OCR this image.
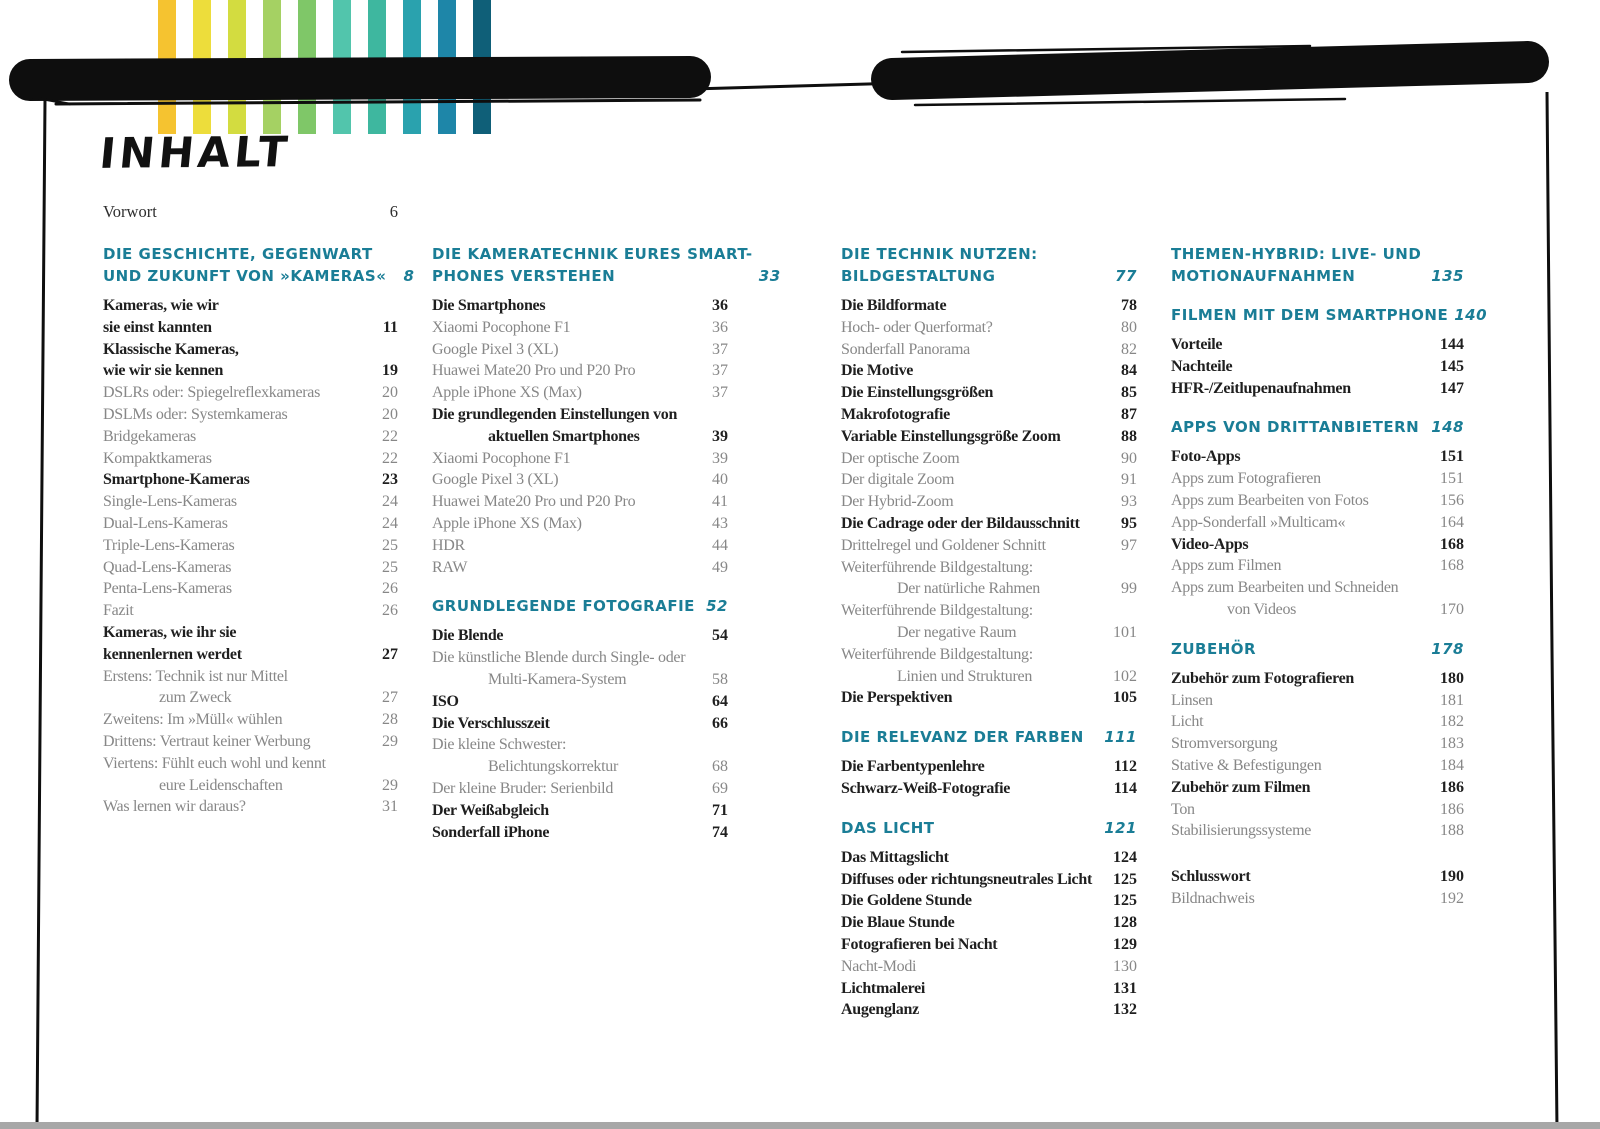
INHALT
Vorwort	6
DIE GESCHICHTE, GEGENWART
UND ZUKUNFT VON »KAMERAS«	8
Kameras, wie wir
sie einst kannten	11
Klassische Kameras,
wie wir sie kennen	19
DSLRs oder: Spiegelreflexkameras	20
DSLMs oder: Systemkameras	20
Bridgekameras	22
Kompaktkameras	22
Smartphone-Kameras	23
Single-Lens-Kameras	24
Dual-Lens-Kameras	24
Triple-Lens-Kameras	25
Quad-Lens-Kameras	25
Penta-Lens-Kameras	26
Fazit	26
Kameras, wie ihr sie
kennenlernen werdet	27
Erstens: Technik ist nur Mittel
zum Zweck	27
Zweitens: Im »Müll« wühlen	28
Drittens: Vertraut keiner Werbung	29
Viertens: Fühlt euch wohl und kennt
eure Leidenschaften	29
Was lernen wir daraus?	31
DIE KAMERATECHNIK EURES SMART-
PHONES VERSTEHEN	33
Die Smartphones	36
Xiaomi Pocophone F1	36
Google Pixel 3 (XL)	37
Huawei Mate20 Pro und P20 Pro	37
Apple iPhone XS (Max)	37
Die grundlegenden Einstellungen von
aktuellen Smartphones	39
Xiaomi Pocophone F1	39
Google Pixel 3 (XL)	40
Huawei Mate20 Pro und P20 Pro	41
Apple iPhone XS (Max)	43
HDR	44
RAW	49
GRUNDLEGENDE FOTOGRAFIE 52
Die Blende	54
Die künstliche Blende durch Single- oder
Multi-Kamera-System	58
ISO	64
Die Verschlusszeit	66
Die kleine Schwester:
Belichtungskorrektur	68
Der kleine Bruder: Serienbild	69
Der Weißabgleich	71
Sonderfall iPhone	74
DIE TECHNIK NUTZEN:
BILDGESTALTUNG	77
Die Bildformate	78
Hoch- oder Querformat?	80
Sonderfall Panorama	82
Die Motive	84
Die Einstellungsgrößen	85
Makrofotografie	87
Variable Einstellungsgröße Zoom	88
Der optische Zoom	90
Der digitale Zoom	91
Der Hybrid-Zoom	93
Die Cadrage oder der Bildausschnitt	95
Drittelregel und Goldener Schnitt	97
Weiterführende Bildgestaltung:
Der natürliche Rahmen	99
Weiterführende Bildgestaltung:
Der negative Raum	101
Weiterführende Bildgestaltung:
Linien und Strukturen	102
Die Perspektiven	105
DIE RELEVANZ DER FARBEN	111
Die Farbentypenlehre	112
Schwarz-Weiß-Fotografie	114
DAS LICHT	121
Das Mittagslicht	124
Diffuses oder richtungsneutrales Licht	125
Die Goldene Stunde	125
Die Blaue Stunde	128
Fotografieren bei Nacht	129
Nacht-Modi	130
Lichtmalerei	131
Augenglanz	132
THEMEN-HYBRID: LIVE- UND
MOTIONAUFNAHMEN	135
FILMEN MIT DEM SMARTPHONE 140
Vorteile	144
Nachteile	145
HFR-/Zeitlupenaufnahmen	147
APPS VON DRITTANBIETERN 148
Foto-Apps	151
Apps zum Fotografieren	151
Apps zum Bearbeiten von Fotos	156
App-Sonderfall »Multicam«	164
Video-Apps	168
Apps zum Filmen	168
Apps zum Bearbeiten und Schneiden
von Videos	170
ZUBEHÖR	178
Zubehör zum Fotografieren	180
Linsen	181
Licht	182
Stromversorgung	183
Stative & Befestigungen	184
Zubehör zum Filmen	186
Ton	186
Stabilisierungssysteme	188
Schlusswort	190
Bildnachweis	192
